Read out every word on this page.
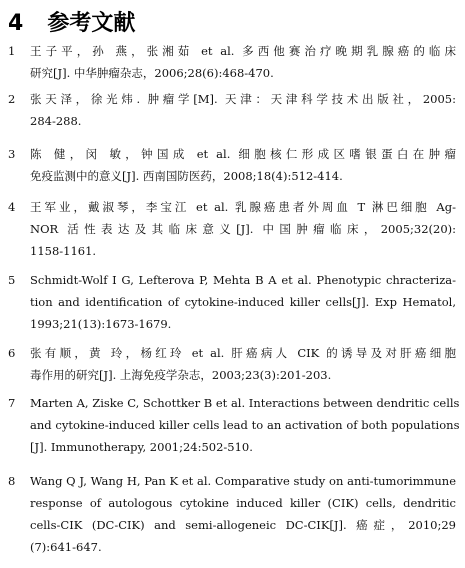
4 参考文献
1	王子平，孙 燕，张湘茹 et al. 多西他赛治疗晚期乳腺癌的临床
研究[J]. 中华肿瘤杂志，2006;28(6):468-470.
2	张天泽，徐光炜. 肿瘤学[M]. 天津：天津科学技术出版社，2005:
284-288.
3	陈 健，闵 敏，钟国成 et al. 细胞核仁形成区嗜银蛋白在肿瘤
免疫监测中的意义[J]. 西南国防医药，2008;18(4):512-414.
4	王军业，戴淑琴，李宝江 et al. 乳腺癌患者外周血 T 淋巴细胞 Ag-
NOR 活性表达及其临床意义[J]. 中国肿瘤临床，2005;32(20):
1158-1161.
5	Schmidt-Wolf I G, Lefterova P, Mehta B A et al. Phenotypic chracteriza-
tion and identification of cytokine-induced killer cells[J]. Exp Hematol,
1993;21(13):1673-1679.
6	张有顺，黄 玲，杨红玲 et al. 肝癌病人 CIK 的诱导及对肝癌细胞
毒作用的研究[J]. 上海免疫学杂志，2003;23(3):201-203.
7	Marten A, Ziske C, Schottker B et al. Interactions between dendritic cells
and cytokine-induced killer cells lead to an activation of both populations
[J]. Immunotherapy, 2001;24:502-510.
8	Wang Q J, Wang H, Pan K et al. Comparative study on anti-tumorimmune
response of autologous cytokine induced killer (CIK) cells, dendritic
cells-CIK (DC-CIK) and semi-allogeneic DC-CIK[J]. 癌症，2010;29
(7):641-647.
